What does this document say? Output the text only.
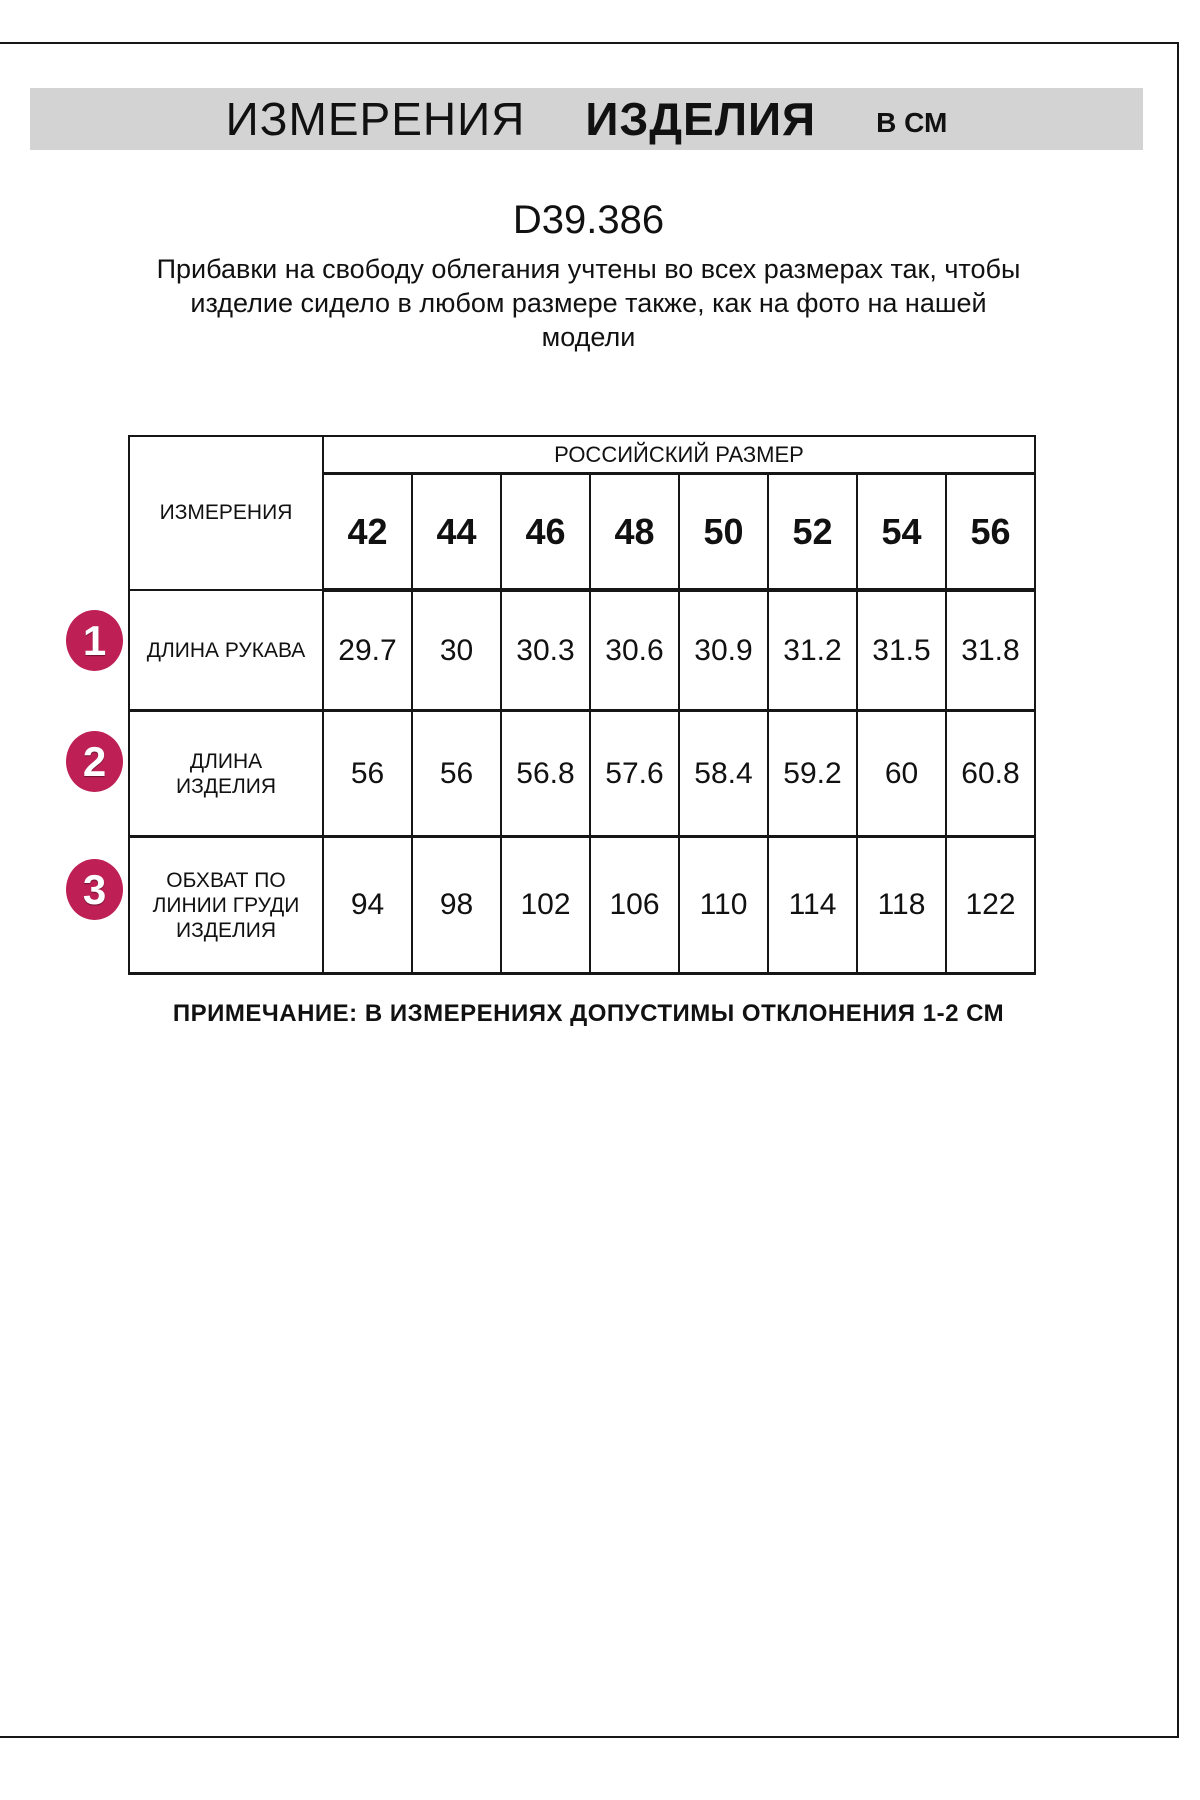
ИЗМЕРЕНИЯ ИЗДЕЛИЯ В СМ
D39.386
Прибавки на свободу облегания учтены во всех размерах так, чтобы
изделие сидело в любом размере также, как на фото на нашей
модели
ИЗМЕРЕНИЯ	РОССИЙСКИЙ РАЗМЕР							
	42	44	46	48	50	52	54	56

ДЛИНА РУКАВА	29.7	30	30.3	30.6	30.9	31.2	31.5	31.8

ДЛИНА
ИЗДЕЛИЯ	56	56	56.8	57.6	58.4	59.2	60	60.8

ОБХВАТ ПО
ЛИНИИ ГРУДИ
ИЗДЕЛИЯ	94	98	102	106	110	114	118	122
1
2
3
ПРИМЕЧАНИЕ: В ИЗМЕРЕНИЯХ ДОПУСТИМЫ ОТКЛОНЕНИЯ 1-2 СМ
